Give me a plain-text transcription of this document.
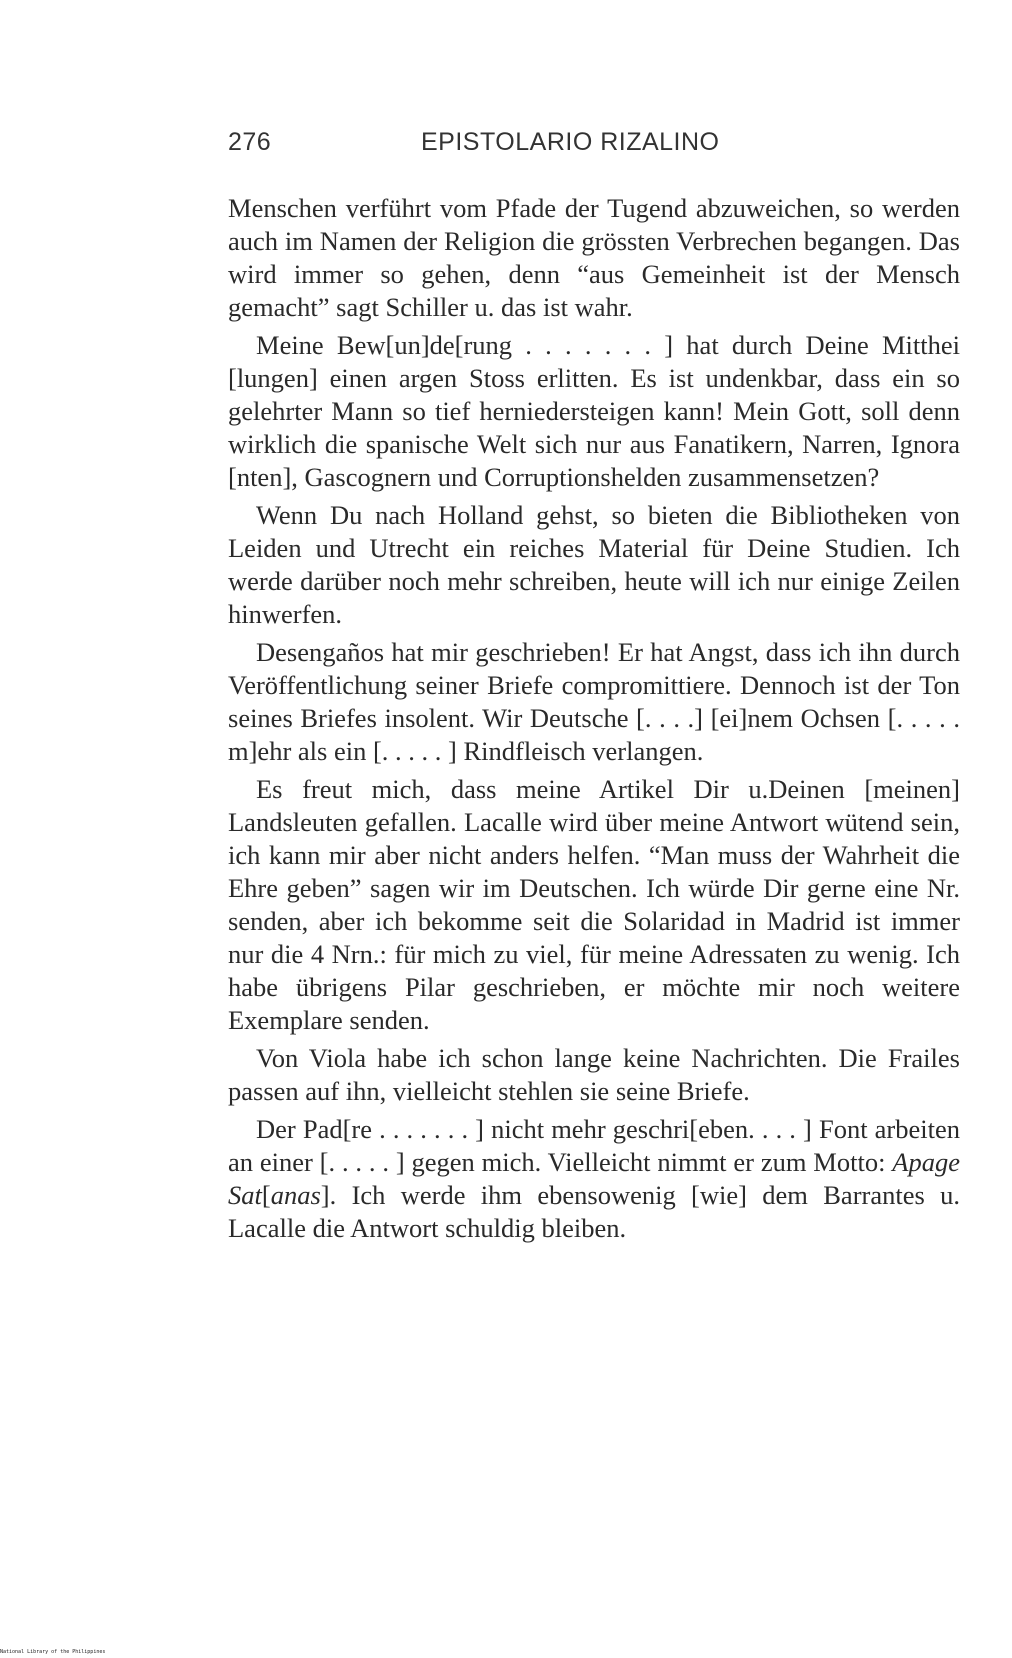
276	EPISTOLARIO RIZALINO

Menschen verführt vom Pfade der Tugend abzuweichen, so werden auch im Namen der Religion die grössten Verbrechen begangen. Das wird immer so gehen, denn “aus Gemeinheit ist der Mensch gemacht” sagt Schiller u. das ist wahr.

Meine Bew[un]de[rung . . . . . . . ] hat durch Deine Mitthei [lungen] einen argen Stoss erlitten. Es ist undenkbar, dass ein so gelehrter Mann so tief herniedersteigen kann! Mein Gott, soll denn wirklich die spanische Welt sich nur aus Fanatikern, Narren, Ignora [nten], Gascognern und Corruptionshelden zusammensetzen?

Wenn Du nach Holland gehst, so bieten die Bibliotheken von Leiden und Utrecht ein reiches Material für Deine Studien. Ich werde darüber noch mehr schreiben, heute will ich nur einige Zeilen hinwerfen.

Desengaños hat mir geschrieben! Er hat Angst, dass ich ihn durch Veröffentlichung seiner Briefe compromittiere. Dennoch ist der Ton seines Briefes insolent. Wir Deutsche [. . . .] [ei]nem Ochsen [. . . . . m]ehr als ein [. . . . . ] Rindfleisch verlangen.

Es freut mich, dass meine Artikel Dir u.Deinen [meinen] Landsleuten gefallen. Lacalle wird über meine Antwort wütend sein, ich kann mir aber nicht anders helfen. “Man muss der Wahrheit die Ehre geben” sagen wir im Deutschen. Ich würde Dir gerne eine Nr. senden, aber ich bekomme seit die Solaridad in Madrid ist immer nur die 4 Nrn.: für mich zu viel, für meine Adressaten zu wenig. Ich habe übrigens Pilar geschrieben, er möchte mir noch weitere Exemplare senden.

Von Viola habe ich schon lange keine Nachrichten. Die Frailes passen auf ihn, vielleicht stehlen sie seine Briefe.

Der Pad[re . . . . . . . ] nicht mehr geschri[eben. . . . ] Font arbeiten an einer [. . . . . ] gegen mich. Vielleicht nimmt er zum Motto: Apage Sat[anas]. Ich werde ihm ebensowenig [wie] dem Barrantes u. Lacalle die Antwort schuldig bleiben.

National Library of the Philippines
